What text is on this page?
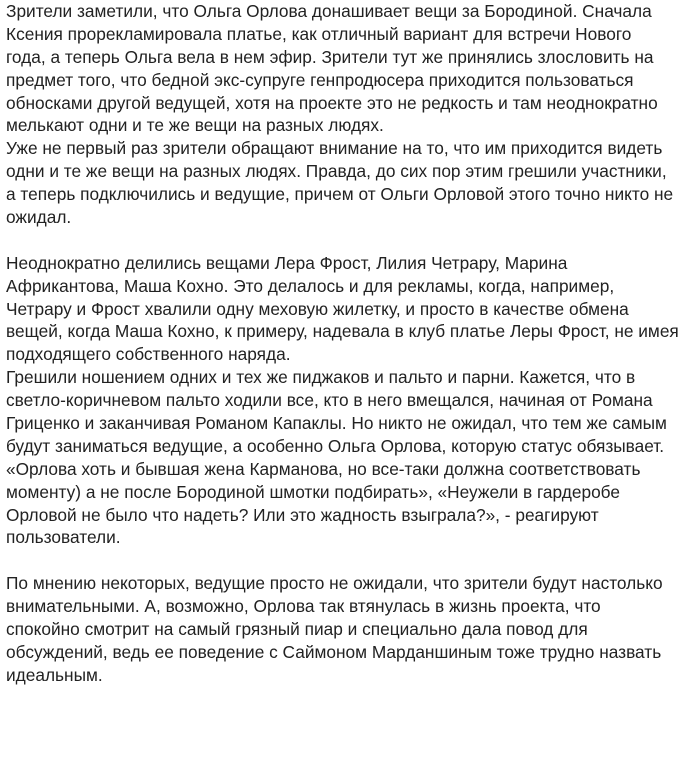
Зрители заметили, что Ольга Орлова донашивает вещи за Бородиной. Сначала
Ксения прорекламировала платье, как отличный вариант для встречи Нового
года, а теперь Ольга вела в нем эфир. Зрители тут же принялись злословить на
предмет того, что бедной экс-супруге генпродюсера приходится пользоваться
обносками другой ведущей, хотя на проекте это не редкость и там неоднократно
мелькают одни и те же вещи на разных людях.

Уже не первый раз зрители обращают внимание на то, что им приходится видеть
одни и те же вещи на разных людях. Правда, до сих пор этим грешили участники,
а теперь подключились и ведущие, причем от Ольги Орловой этого точно никто не
ожидал.

Неоднократно делились вещами Лера Фрост, Лилия Четрару, Марина
Африкантова, Маша Кохно. Это делалось и для рекламы, когда, например,
Четрару и Фрост хвалили одну меховую жилетку, и просто в качестве обмена
вещей, когда Маша Кохно, к примеру, надевала в клуб платье Леры Фрост, не имея
подходящего собственного наряда.

Грешили ношением одних и тех же пиджаков и пальто и парни. Кажется, что в
светло-коричневом пальто ходили все, кто в него вмещался, начиная от Романа
Гриценко и заканчивая Романом Капаклы. Но никто не ожидал, что тем же самым
будут заниматься ведущие, а особенно Ольга Орлова, которую статус обязывает.
«Орлова хоть и бывшая жена Карманова, но все-таки должна соответствовать
моменту) а не после Бородиной шмотки подбирать», «Неужели в гардеробе
Орловой не было что надеть? Или это жадность взыграла?», - реагируют
пользователи.

По мнению некоторых, ведущие просто не ожидали, что зрители будут настолько
внимательными. А, возможно, Орлова так втянулась в жизнь проекта, что
спокойно смотрит на самый грязный пиар и специально дала повод для
обсуждений, ведь ее поведение с Саймоном Марданшиным тоже трудно назвать
идеальным.
